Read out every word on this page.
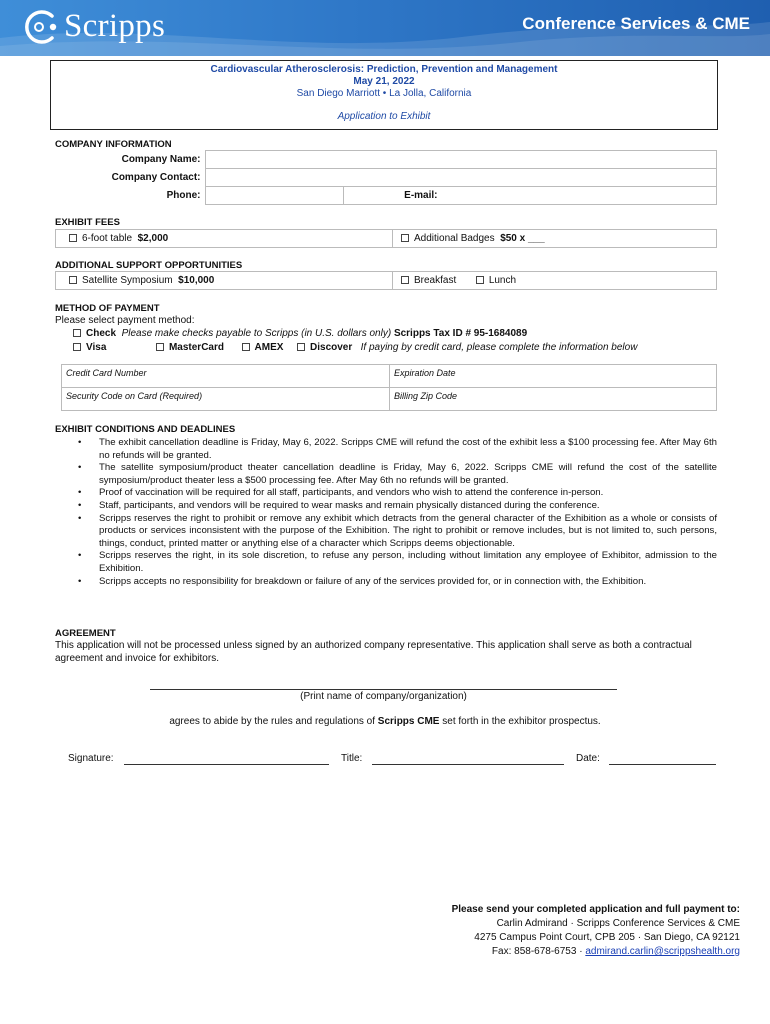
Scripps	Conference Services & CME
Cardiovascular Atherosclerosis: Prediction, Prevention and Management
May 21, 2022
San Diego Marriott • La Jolla, California
Application to Exhibit
COMPANY INFORMATION
Company Name:		
Company Contact:		
Phone:		E-mail:
EXHIBIT FEES
6-foot table $2,000	Additional Badges $50 x ___
ADDITIONAL SUPPORT OPPORTUNITIES
Satellite Symposium $10,000	Breakfast	Lunch
METHOD OF PAYMENT
Please select payment method:
Check Please make checks payable to Scripps (in U.S. dollars only) Scripps Tax ID # 95-1684089
Visa	MasterCard	AMEX	Discover If paying by credit card, please complete the information below
Credit Card Number	Expiration Date
Security Code on Card (Required)	Billing Zip Code
EXHIBIT CONDITIONS AND DEADLINES
• The exhibit cancellation deadline is Friday, May 6, 2022. Scripps CME will refund the cost of the exhibit less a $100 processing fee. After May 6th no refunds will be granted.
• The satellite symposium/product theater cancellation deadline is Friday, May 6, 2022. Scripps CME will refund the cost of the satellite symposium/product theater less a $500 processing fee. After May 6th no refunds will be granted.
• Proof of vaccination will be required for all staff, participants, and vendors who wish to attend the conference in-person.
• Staff, participants, and vendors will be required to wear masks and remain physically distanced during the conference.
• Scripps reserves the right to prohibit or remove any exhibit which detracts from the general character of the Exhibition as a whole or consists of products or services inconsistent with the purpose of the Exhibition. The right to prohibit or remove includes, but is not limited to, such persons, things, conduct, printed matter or anything else of a character which Scripps deems objectionable.
• Scripps reserves the right, in its sole discretion, to refuse any person, including without limitation any employee of Exhibitor, admission to the Exhibition.
• Scripps accepts no responsibility for breakdown or failure of any of the services provided for, or in connection with, the Exhibition.
AGREEMENT
This application will not be processed unless signed by an authorized company representative. This application shall serve as both a contractual agreement and invoice for exhibitors.
(Print name of company/organization)
agrees to abide by the rules and regulations of Scripps CME set forth in the exhibitor prospectus.
Signature:	Title:	Date:
Please send your completed application and full payment to:
Carlin Admirand · Scripps Conference Services & CME
4275 Campus Point Court, CPB 205 · San Diego, CA 92121
Fax: 858-678-6753 · admirand.carlin@scrippshealth.org
